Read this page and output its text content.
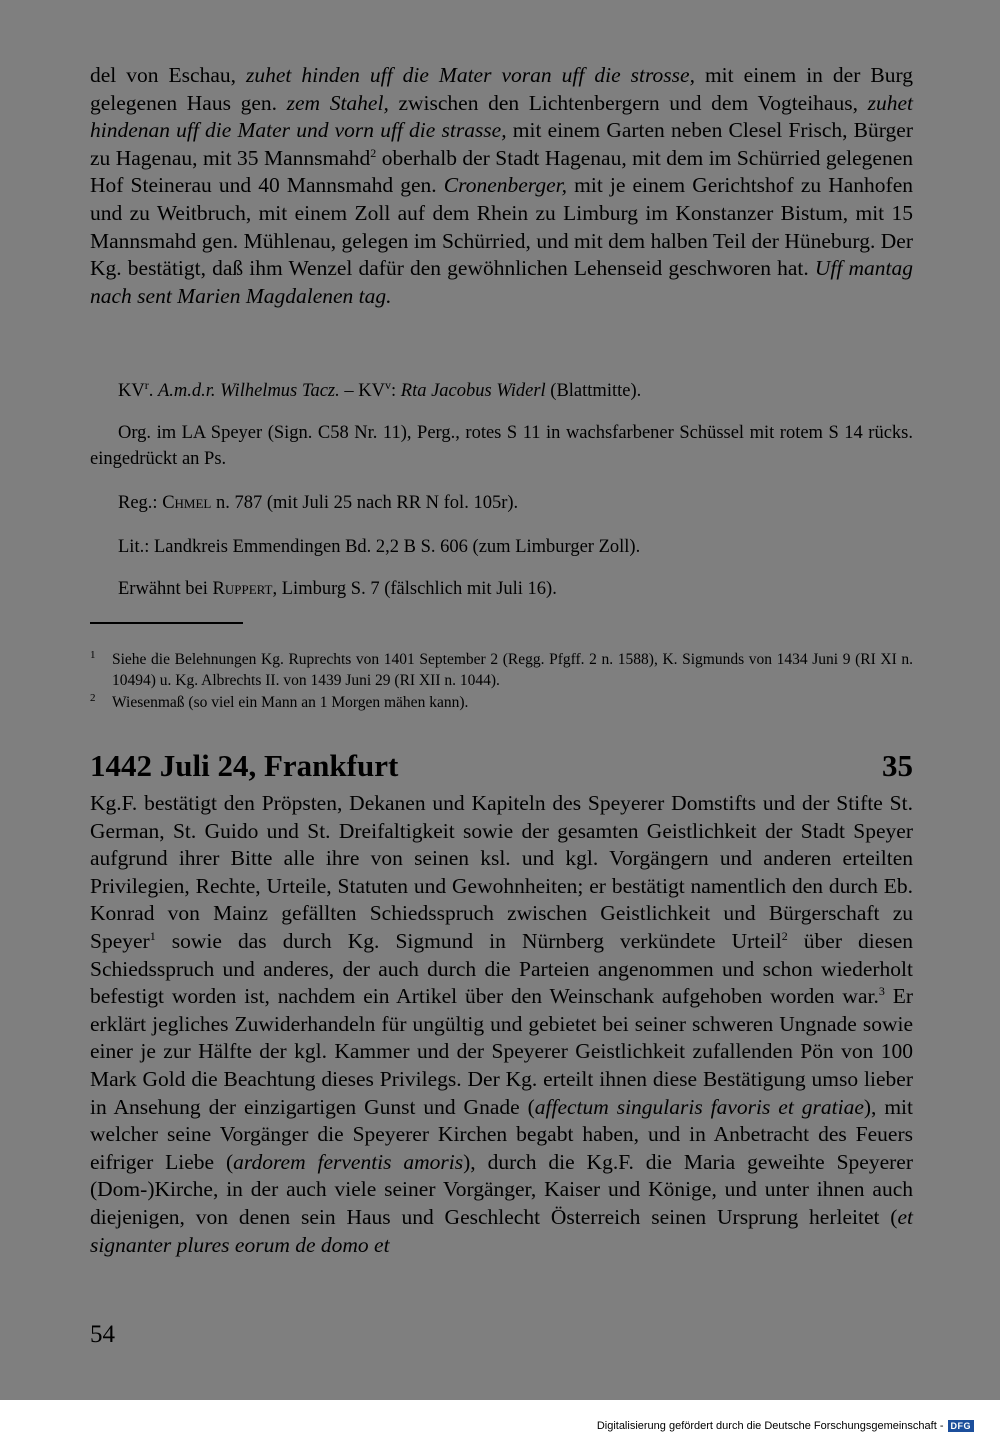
del von Eschau, zuhet hinden uff die Mater voran uff die strosse, mit einem in der Burg gelegenen Haus gen. zem Stahel, zwischen den Lichtenbergern und dem Vogteihaus, zuhet hindenan uff die Mater und vorn uff die strasse, mit einem Garten neben Clesel Frisch, Bürger zu Hagenau, mit 35 Mannsmahd$^2$ oberhalb der Stadt Hagenau, mit dem im Schürried gelegenen Hof Steinerau und 40 Mannsmahd gen. Cronenberger, mit je einem Gerichtshof zu Hanhofen und zu Weitbruch, mit einem Zoll auf dem Rhein zu Limburg im Konstanzer Bistum, mit 15 Mannsmahd gen. Mühlenau, gelegen im Schürried, und mit dem halben Teil der Hüneburg. Der Kg. bestätigt, daß ihm Wenzel dafür den gewöhnlichen Lehenseid geschworen hat. Uff mantag nach sent Marien Magdalenen tag.
$KV^r$. A.m.d.r. Wilhelmus Tacz. – $KV^v$: Rta Jacobus Widerl (Blattmitte).
Org. im LA Speyer (Sign. C58 Nr. 11), Perg., rotes S 11 in wachsfarbener Schüssel mit rotem S 14 rücks. eingedrückt an Ps.
Reg.: Chmel n. 787 (mit Juli 25 nach RR N fol. 105r).
Lit.: Landkreis Emmendingen Bd. 2,2 B S. 606 (zum Limburger Zoll).
Erwähnt bei Ruppert, Limburg S. 7 (fälschlich mit Juli 16).
1	Siehe die Belehnungen Kg. Ruprechts von 1401 September 2 (Regg. Pfgff. 2 n. 1588), K. Sigmunds von 1434 Juni 9 (RI XI n. 10494) u. Kg. Albrechts II. von 1439 Juni 29 (RI XII n. 1044).
2	Wiesenmaß (so viel ein Mann an 1 Morgen mähen kann).
1442 Juli 24, Frankfurt	35
Kg.F. bestätigt den Pröpsten, Dekanen und Kapiteln des Speyerer Domstifts und der Stifte St. German, St. Guido und St. Dreifaltigkeit sowie der gesamten Geistlichkeit der Stadt Speyer aufgrund ihrer Bitte alle ihre von seinen ksl. und kgl. Vorgängern und anderen erteilten Privilegien, Rechte, Urteile, Statuten und Gewohnheiten; er bestätigt namentlich den durch Eb. Konrad von Mainz gefällten Schiedsspruch zwischen Geistlichkeit und Bürgerschaft zu Speyer$^1$ sowie das durch Kg. Sigmund in Nürnberg verkündete Urteil$^2$ über diesen Schiedsspruch und anderes, der auch durch die Parteien angenommen und schon wiederholt befestigt worden ist, nachdem ein Artikel über den Weinschank aufgehoben worden war.$^3$ Er erklärt jegliches Zuwiderhandeln für ungültig und gebietet bei seiner schweren Ungnade sowie einer je zur Hälfte der kgl. Kammer und der Speyerer Geistlichkeit zufallenden Pön von 100 Mark Gold die Beachtung dieses Privilegs. Der Kg. erteilt ihnen diese Bestätigung umso lieber in Ansehung der einzigartigen Gunst und Gnade (affectum singularis favoris et gratiae), mit welcher seine Vorgänger die Speyerer Kirchen begabt haben, und in Anbetracht des Feuers eifriger Liebe (ardorem ferventis amoris), durch die Kg.F. die Maria geweihte Speyerer (Dom-)Kirche, in der auch viele seiner Vorgänger, Kaiser und Könige, und unter ihnen auch diejenigen, von denen sein Haus und Geschlecht Österreich seinen Ursprung herleitet (et signanter plures eorum de domo et
54
Digitalisierung gefördert durch die Deutsche Forschungsgemeinschaft - DFG
